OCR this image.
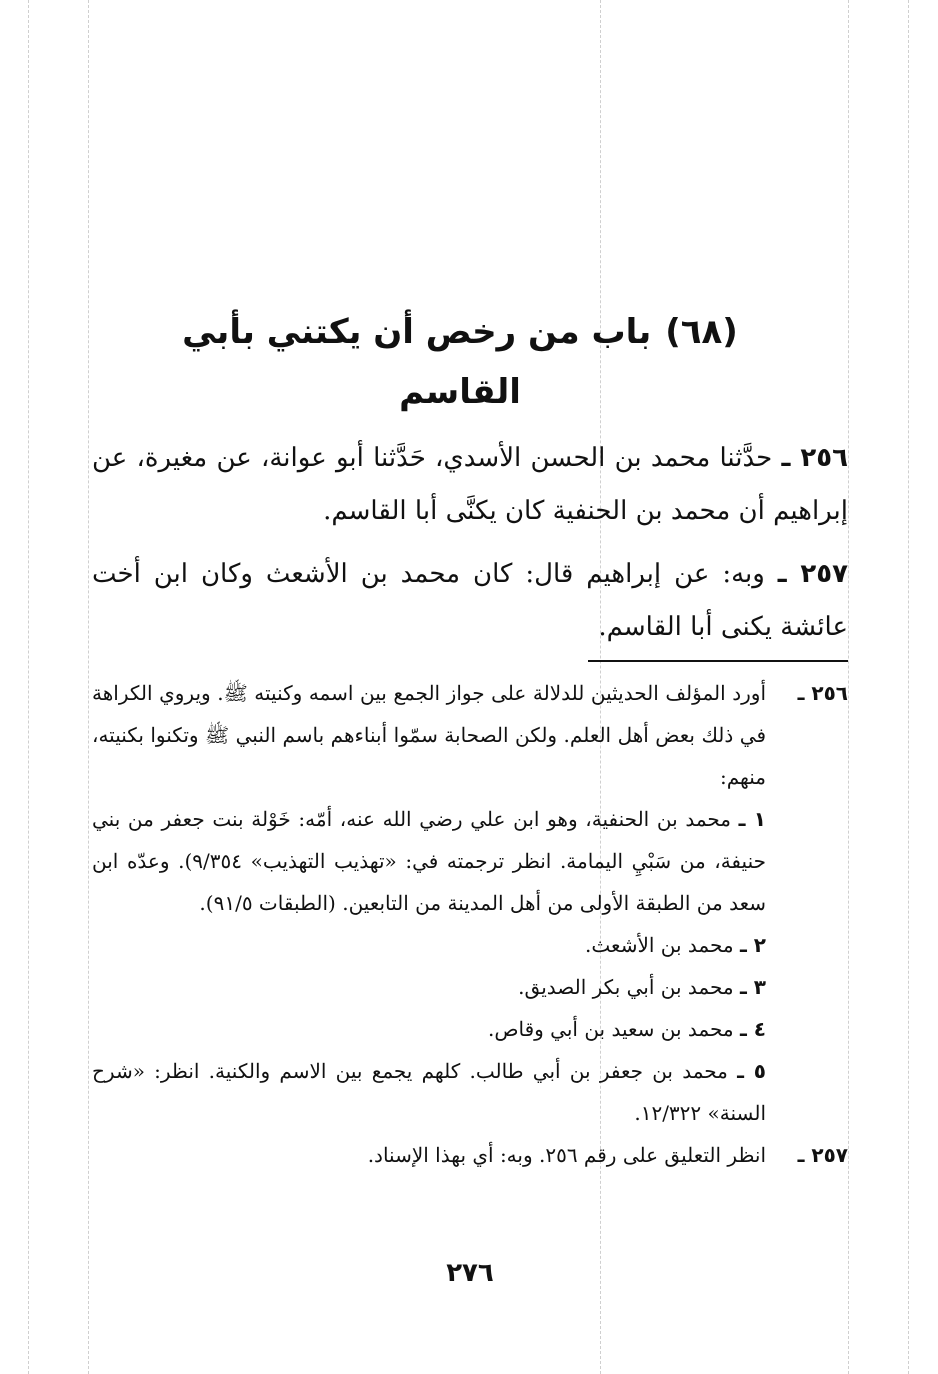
(٦٨)باب من رخص أن يكتني بأبي القاسم
٢٥٦ ـ حدَّثنا محمد بن الحسن الأسدي، حَدَّثنا أبو عوانة، عن مغيرة، عن إبراهيم أن محمد بن الحنفية كان يكنَّى أبا القاسم.
٢٥٧ ـ وبه: عن إبراهيم قال: كان محمد بن الأشعث وكان ابن أخت عائشة يكنى أبا القاسم.
٢٥٦ ـ
أورد المؤلف الحديثين للدلالة على جواز الجمع بين اسمه وكنيته ﷺ. ويروي الكراهة في ذلك بعض أهل العلم. ولكن الصحابة سمّوا أبناءهم باسم النبي ﷺ وتكنوا بكنيته، منهم:
١ ـ محمد بن الحنفية، وهو ابن علي رضي الله عنه، أمّه: خَوْلة بنت جعفر من بني حنيفة، من سَبْيِ اليمامة. انظر ترجمته في: «تهذيب التهذيب» ٩/٣٥٤). وعدّه ابن سعد من الطبقة الأولى من أهل المدينة من التابعين. (الطبقات ٩١/٥).
٢ ـ محمد بن الأشعث.
٣ ـ محمد بن أبي بكر الصديق.
٤ ـ محمد بن سعيد بن أبي وقاص.
٥ ـ محمد بن جعفر بن أبي طالب. كلهم يجمع بين الاسم والكنية. انظر: «شرح السنة» ١٢/٣٢٢.
٢٥٧ ـ
انظر التعليق على رقم ٢٥٦. وبه: أي بهذا الإسناد.
٢٧٦
